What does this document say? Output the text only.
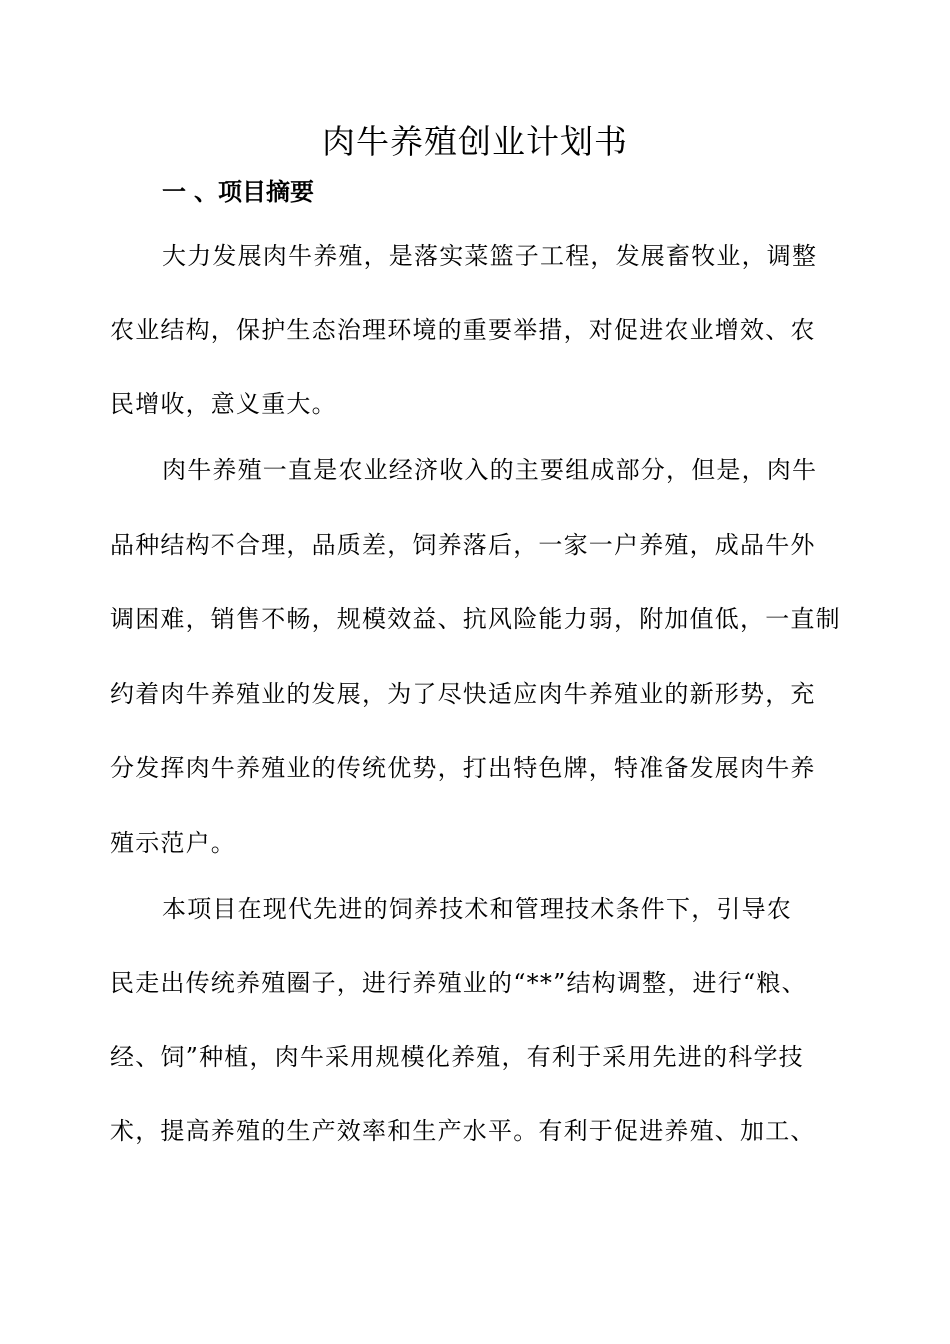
肉牛养殖创业计划书
一 、项目摘要
大力发展肉牛养殖，是落实菜篮子工程，发展畜牧业，调整
农业结构，保护生态治理环境的重要举措，对促进农业增效、农
民增收，意义重大。
肉牛养殖一直是农业经济收入的主要组成部分，但是，肉牛
品种结构不合理，品质差，饲养落后，一家一户养殖，成品牛外
调困难，销售不畅，规模效益、抗风险能力弱，附加值低，一直制
约着肉牛养殖业的发展，为了尽快适应肉牛养殖业的新形势，充
分发挥肉牛养殖业的传统优势，打出特色牌，特准备发展肉牛养
殖示范户。
本项目在现代先进的饲养技术和管理技术条件下，引导农
民走出传统养殖圈子，进行养殖业的“**”结构调整，进行“粮、
经、饲”种植，肉牛采用规模化养殖，有利于采用先进的科学技
术，提高养殖的生产效率和生产水平。有利于促进养殖、加工、
